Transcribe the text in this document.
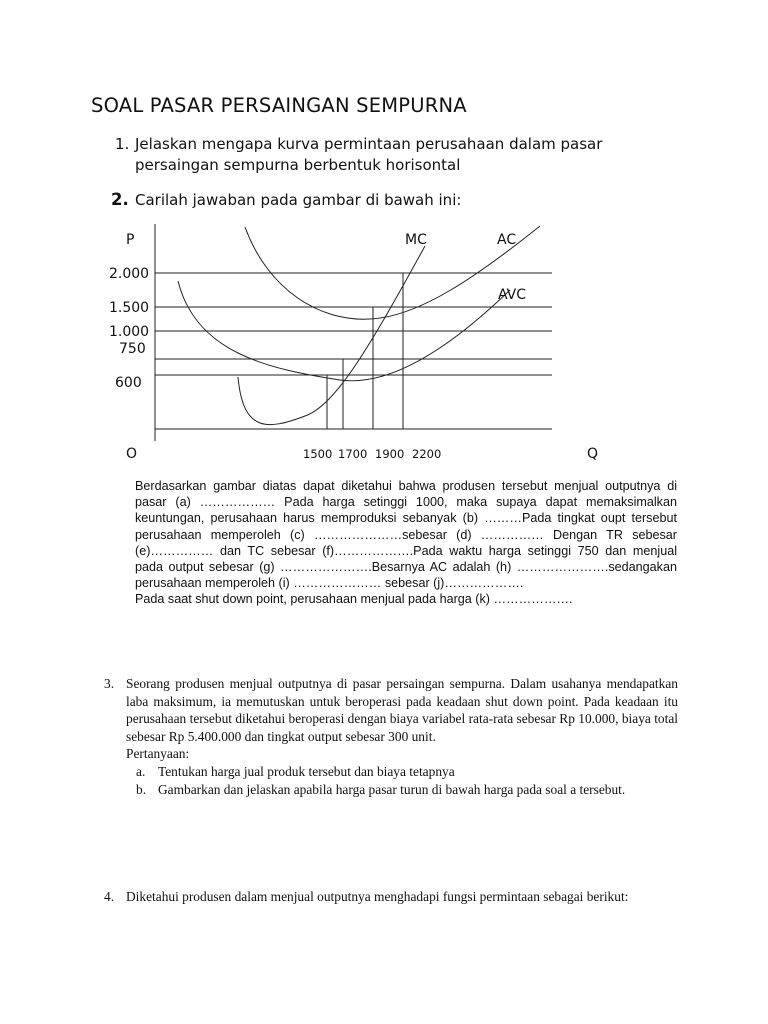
SOAL PASAR PERSAINGAN SEMPURNA
1. Jelaskan mengapa kurva permintaan perusahaan dalam pasar persaingan sempurna berbentuk horisontal
2. Carilah jawaban pada gambar di bawah ini:
P
Q
O
MC	AC
AVC
2.000
1.500
1.000
750
600
1500 1700 1900 2200

Berdasarkan gambar diatas dapat diketahui bahwa produsen tersebut menjual outputnya di pasar (a) ……………… Pada harga setinggi 1000, maka supaya dapat memaksimalkan keuntungan, perusahaan harus memproduksi sebanyak (b) ………Pada tingkat oupt tersebut perusahaan memperoleh (c) …………………sebesar (d) …………… Dengan TR sebesar (e)…………… dan TC sebesar (f)……………….Pada waktu harga setinggi 750 dan menjual pada output sebesar (g) ………………….Besarnya AC adalah (h) ………………….sedangakan perusahaan memperoleh (i) ………………… sebesar (j)……………….

Pada saat shut down point, perusahaan menjual pada harga (k) ……………….

3. Seorang produsen menjual outputnya di pasar persaingan sempurna. Dalam usahanya mendapatkan laba maksimum, ia memutuskan untuk beroperasi pada keadaan shut down point. Pada keadaan itu perusahaan tersebut diketahui beroperasi dengan biaya variabel rata-rata sebesar Rp 10.000, biaya total sebesar Rp 5.400.000 dan tingkat output sebesar 300 unit.
Pertanyaan:
a. Tentukan harga jual produk tersebut dan biaya tetapnya
b. Gambarkan dan jelaskan apabila harga pasar turun di bawah harga pada soal a tersebut.
4. Diketahui produsen dalam menjual outputnya menghadapi fungsi permintaan sebagai berikut:
